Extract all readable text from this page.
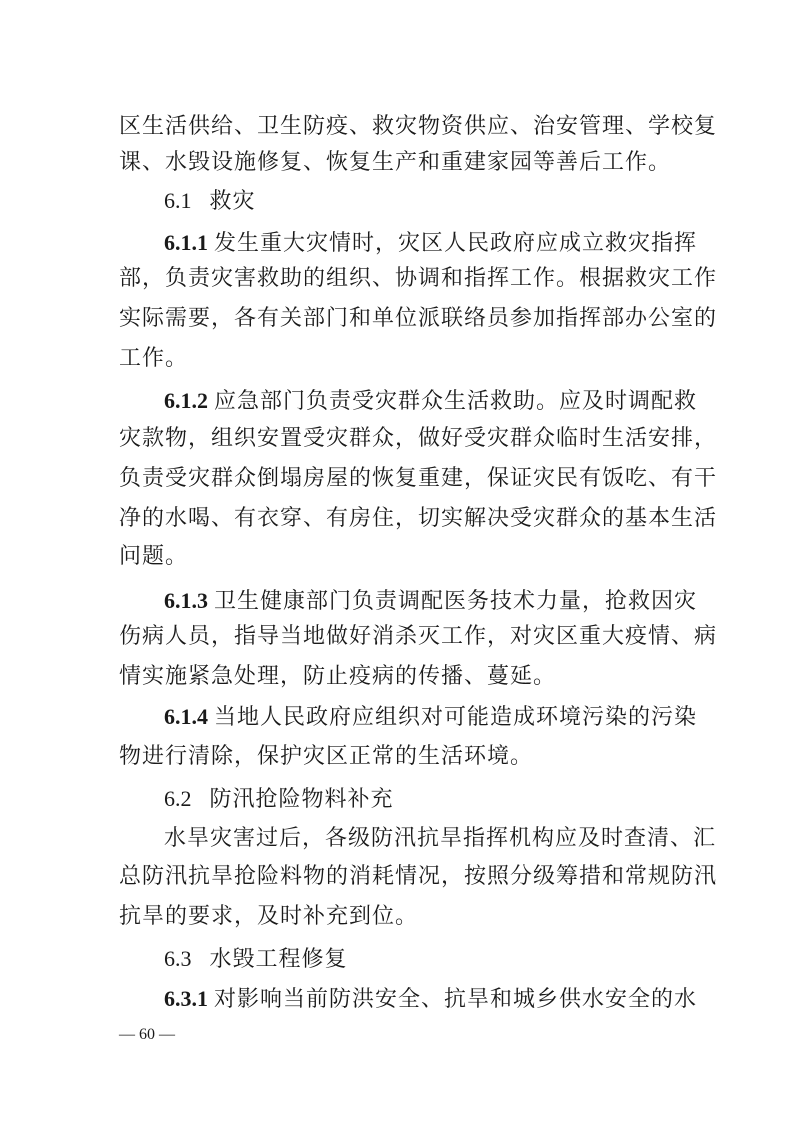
区生活供给、卫生防疫、救灾物资供应、治安管理、学校复
课、水毁设施修复、恢复生产和重建家园等善后工作。
6.1 救灾
6.1.1 发生重大灾情时，灾区人民政府应成立救灾指挥
部，负责灾害救助的组织、协调和指挥工作。根据救灾工作
实际需要，各有关部门和单位派联络员参加指挥部办公室的
工作。
6.1.2 应急部门负责受灾群众生活救助。应及时调配救
灾款物，组织安置受灾群众，做好受灾群众临时生活安排，
负责受灾群众倒塌房屋的恢复重建，保证灾民有饭吃、有干
净的水喝、有衣穿、有房住，切实解决受灾群众的基本生活
问题。
6.1.3 卫生健康部门负责调配医务技术力量，抢救因灾
伤病人员，指导当地做好消杀灭工作，对灾区重大疫情、病
情实施紧急处理，防止疫病的传播、蔓延。
6.1.4 当地人民政府应组织对可能造成环境污染的污染
物进行清除，保护灾区正常的生活环境。
6.2 防汛抢险物料补充
水旱灾害过后，各级防汛抗旱指挥机构应及时查清、汇
总防汛抗旱抢险料物的消耗情况，按照分级筹措和常规防汛
抗旱的要求，及时补充到位。
6.3 水毁工程修复
6.3.1 对影响当前防洪安全、抗旱和城乡供水安全的水
— 60 —
